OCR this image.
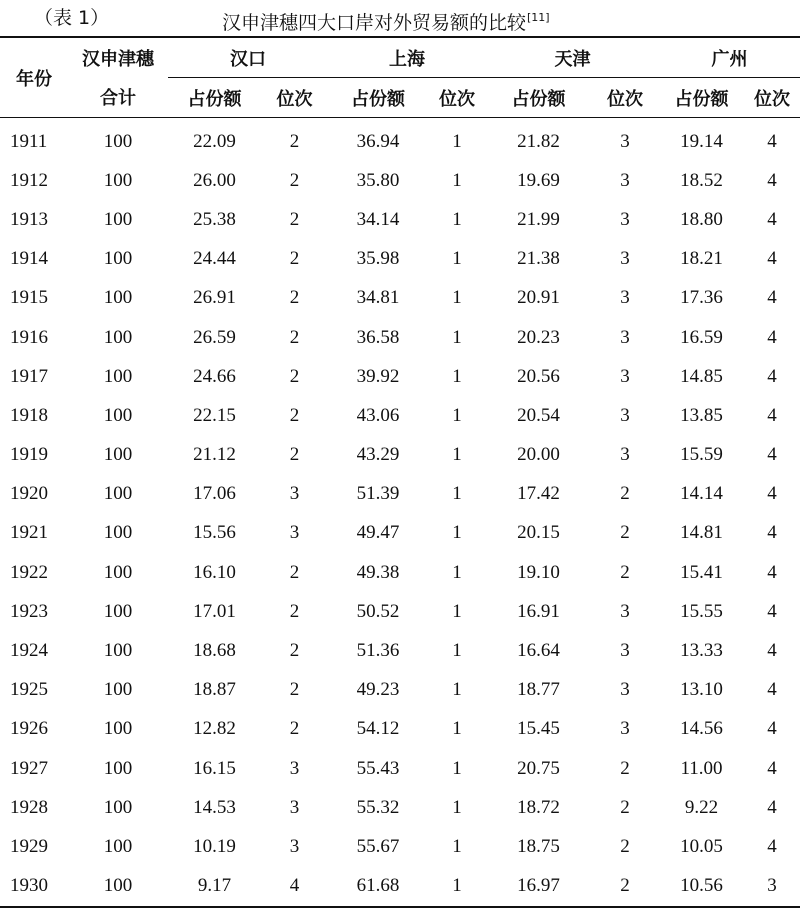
（表 1）	汉申津穗四大口岸对外贸易额的比较[11]
年份	汉申津穗	汉口		上海		天津		广州	
	合计	占份额	位次	占份额	位次	占份额	位次	占份额	位次
1911	100	22.09	2	36.94	1	21.82	3	19.14	4
1912	100	26.00	2	35.80	1	19.69	3	18.52	4
1913	100	25.38	2	34.14	1	21.99	3	18.80	4
1914	100	24.44	2	35.98	1	21.38	3	18.21	4
1915	100	26.91	2	34.81	1	20.91	3	17.36	4
1916	100	26.59	2	36.58	1	20.23	3	16.59	4
1917	100	24.66	2	39.92	1	20.56	3	14.85	4
1918	100	22.15	2	43.06	1	20.54	3	13.85	4
1919	100	21.12	2	43.29	1	20.00	3	15.59	4
1920	100	17.06	3	51.39	1	17.42	2	14.14	4
1921	100	15.56	3	49.47	1	20.15	2	14.81	4
1922	100	16.10	2	49.38	1	19.10	2	15.41	4
1923	100	17.01	2	50.52	1	16.91	3	15.55	4
1924	100	18.68	2	51.36	1	16.64	3	13.33	4
1925	100	18.87	2	49.23	1	18.77	3	13.10	4
1926	100	12.82	2	54.12	1	15.45	3	14.56	4
1927	100	16.15	3	55.43	1	20.75	2	11.00	4
1928	100	14.53	3	55.32	1	18.72	2	9.22	4
1929	100	10.19	3	55.67	1	18.75	2	10.05	4
1930	100	9.17	4	61.68	1	16.97	2	10.56	3
